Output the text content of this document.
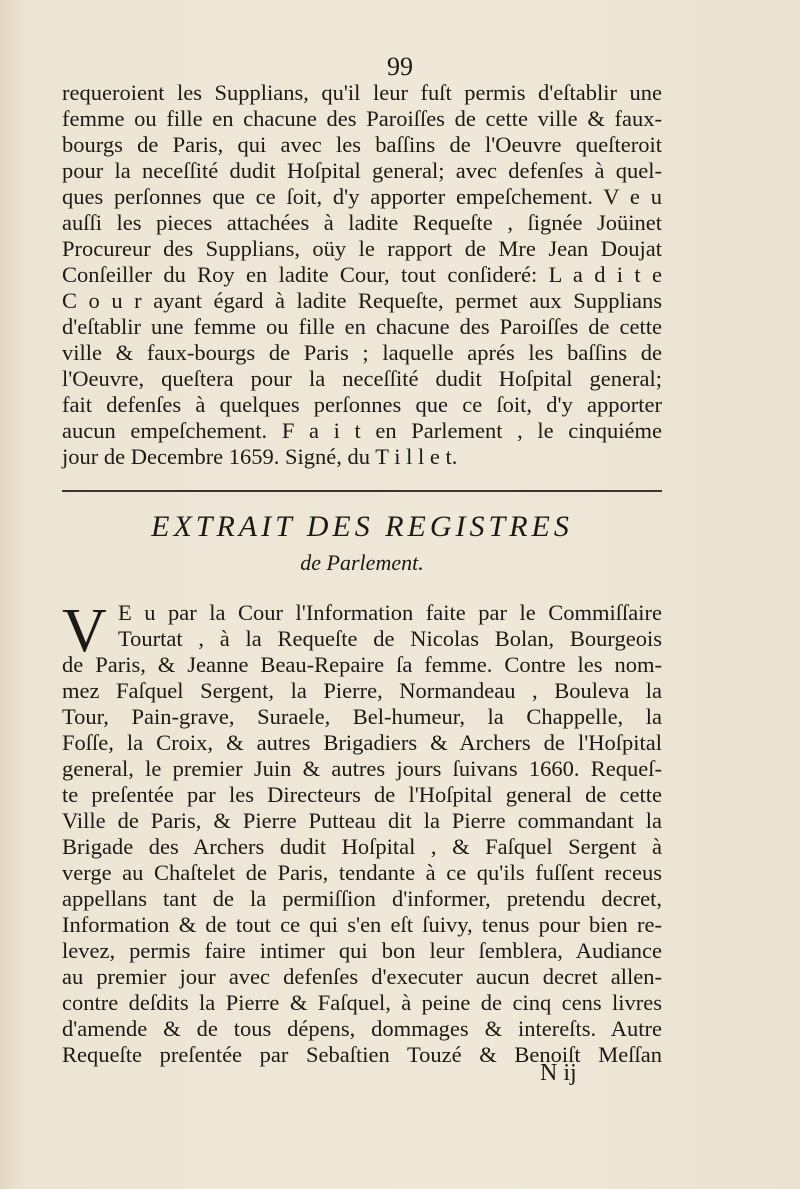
99
requeroient les Supplians, qu'il leur fuſt permis d'eſtablir une
femme ou fille en chacune des Paroiſſes de cette ville & faux-
bourgs de Paris, qui avec les baſſins de l'Oeuvre queſteroit
pour la neceſſité dudit Hoſpital general; avec defenſes à quel-
ques perſonnes que ce ſoit, d'y apporter empeſchement. V e u
auſſi les pieces attachées à ladite Requeſte , ſignée Joüinet
Procureur des Supplians, oüy le rapport de Mre Jean Doujat
Conſeiller du Roy en ladite Cour, tout conſideré: L a d i t e
C o u r ayant égard à ladite Requeſte, permet aux Supplians
d'eſtablir une femme ou fille en chacune des Paroiſſes de cette
ville & faux-bourgs de Paris ; laquelle aprés les baſſins de
l'Oeuvre, queſtera pour la neceſſité dudit Hoſpital general;
fait defenſes à quelques perſonnes que ce ſoit, d'y apporter
aucun empeſchement. F a i t en Parlement , le cinquiéme
jour de Decembre 1659. Signé, du T i l l e t.
EXTRAIT DES REGISTRES
de Parlement.
V E u par la Cour l'Information faite par le Commiſſaire
Tourtat , à la Requeſte de Nicolas Bolan, Bourgeois
de Paris, & Jeanne Beau-Repaire ſa femme. Contre les nom-
mez Faſquel Sergent, la Pierre, Normandeau , Bouleva la
Tour, Pain-grave, Suraele, Bel-humeur, la Chappelle, la
Foſſe, la Croix, & autres Brigadiers & Archers de l'Hoſpital
general, le premier Juin & autres jours ſuivans 1660. Requeſ-
te preſentée par les Directeurs de l'Hoſpital general de cette
Ville de Paris, & Pierre Putteau dit la Pierre commandant la
Brigade des Archers dudit Hoſpital , & Faſquel Sergent à
verge au Chaſtelet de Paris, tendante à ce qu'ils fuſſent receus
appellans tant de la permiſſion d'informer, pretendu decret,
Information & de tout ce qui s'en eſt ſuivy, tenus pour bien re-
levez, permis faire intimer qui bon leur ſemblera, Audiance
au premier jour avec defenſes d'executer aucun decret allen-
contre deſdits la Pierre & Faſquel, à peine de cinq cens livres
d'amende & de tous dépens, dommages & intereſts. Autre
Requeſte preſentée par Sebaſtien Touzé & Benoiſt Meſſan
N ij
